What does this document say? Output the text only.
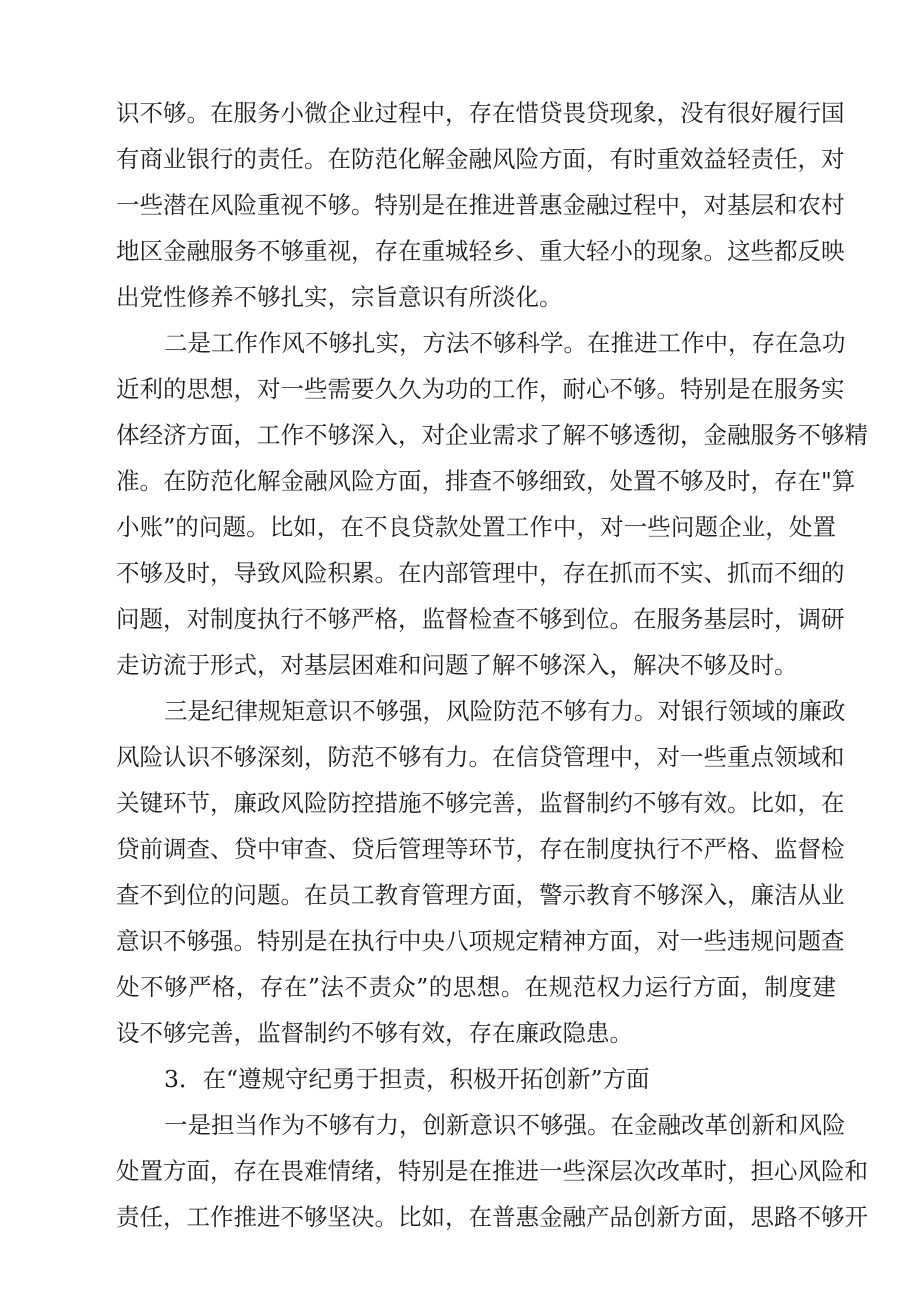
识不够。在服务小微企业过程中，存在惜贷畏贷现象，没有很好履行国
有商业银行的责任。在防范化解金融风险方面，有时重效益轻责任，对
一些潜在风险重视不够。特别是在推进普惠金融过程中，对基层和农村
地区金融服务不够重视，存在重城轻乡、重大轻小的现象。这些都反映
出党性修养不够扎实，宗旨意识有所淡化。
二是工作作风不够扎实，方法不够科学。在推进工作中，存在急功
近利的思想，对一些需要久久为功的工作，耐心不够。特别是在服务实
体经济方面，工作不够深入，对企业需求了解不够透彻，金融服务不够精
准。在防范化解金融风险方面，排查不够细致，处置不够及时，存在"算
小账”的问题。比如，在不良贷款处置工作中，对一些问题企业，处置
不够及时，导致风险积累。在内部管理中，存在抓而不实、抓而不细的
问题，对制度执行不够严格，监督检查不够到位。在服务基层时，调研
走访流于形式，对基层困难和问题了解不够深入，解决不够及时。
三是纪律规矩意识不够强，风险防范不够有力。对银行领域的廉政
风险认识不够深刻，防范不够有力。在信贷管理中，对一些重点领域和
关键环节，廉政风险防控措施不够完善，监督制约不够有效。比如，在
贷前调查、贷中审查、贷后管理等环节，存在制度执行不严格、监督检
查不到位的问题。在员工教育管理方面，警示教育不够深入，廉洁从业
意识不够强。特别是在执行中央八项规定精神方面，对一些违规问题查
处不够严格，存在”法不责众”的思想。在规范权力运行方面，制度建
设不够完善，监督制约不够有效，存在廉政隐患。
3．在“遵规守纪勇于担责，积极开拓创新”方面
一是担当作为不够有力，创新意识不够强。在金融改革创新和风险
处置方面，存在畏难情绪，特别是在推进一些深层次改革时，担心风险和
责任，工作推进不够坚决。比如，在普惠金融产品创新方面，思路不够开
